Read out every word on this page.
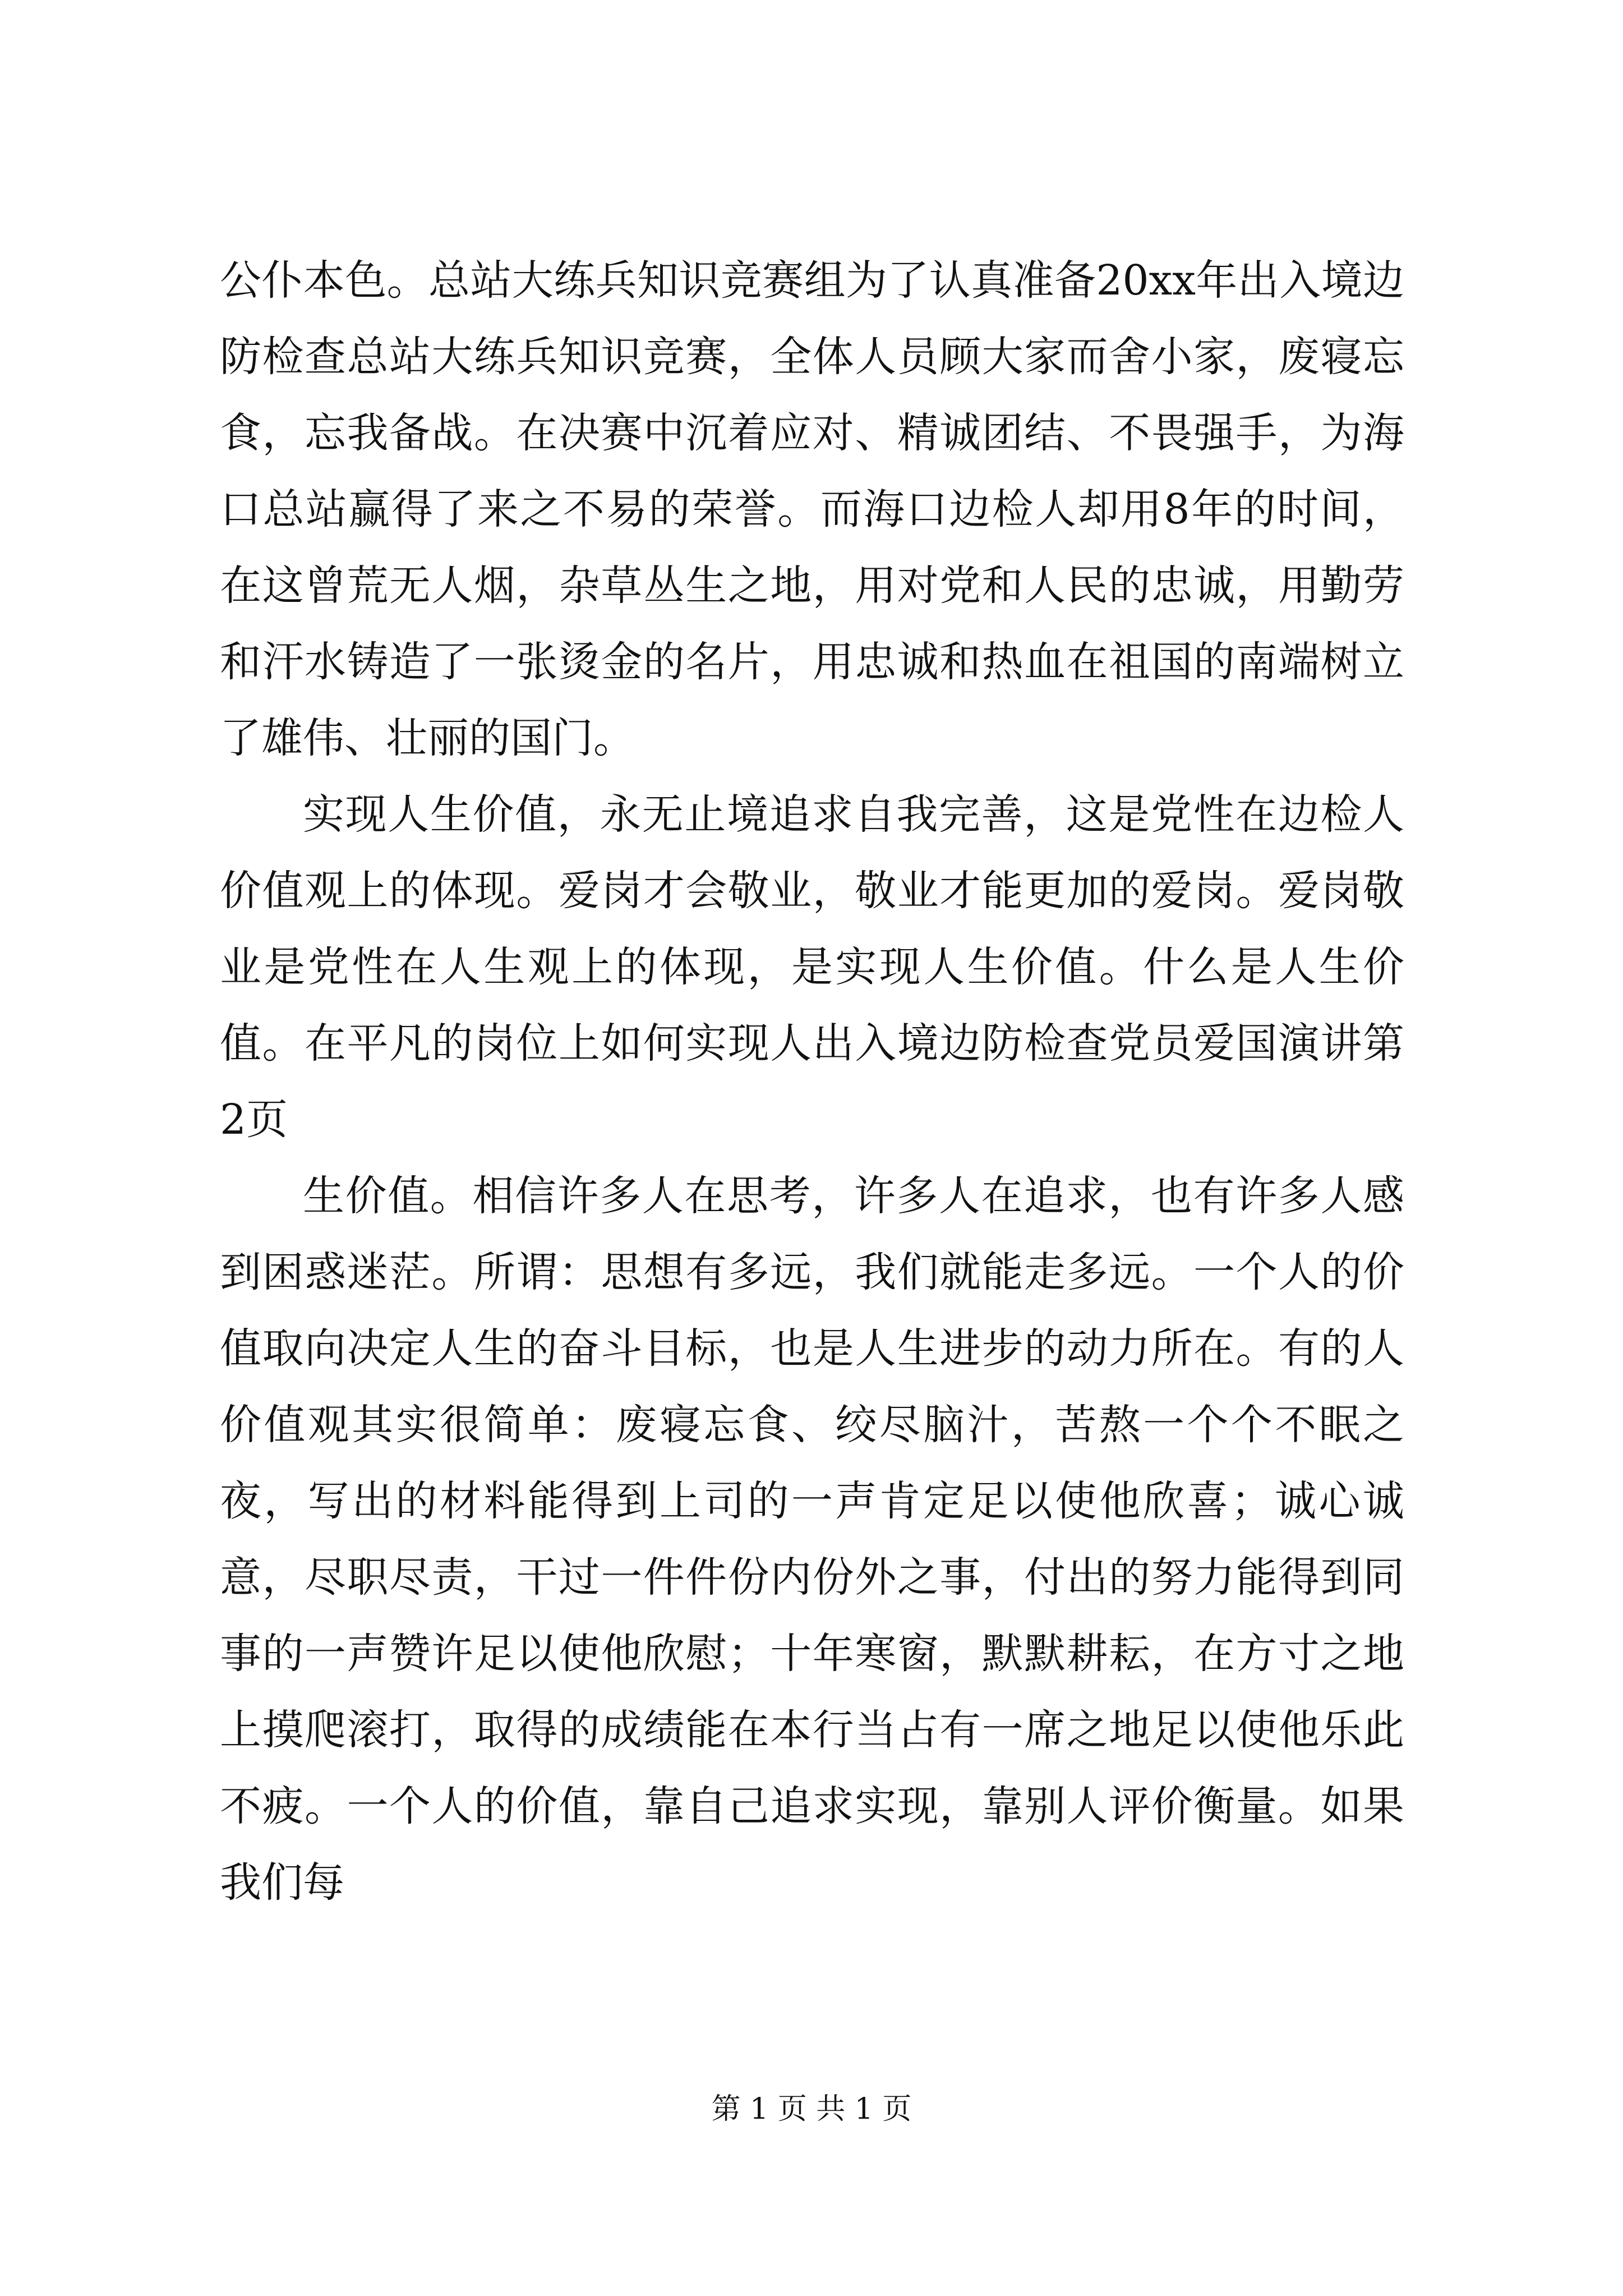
公仆本色。总站大练兵知识竞赛组为了认真准备20xx年出入境边防检查总站大练兵知识竞赛，全体人员顾大家而舍小家，废寝忘食，忘我备战。在决赛中沉着应对、精诚团结、不畏强手，为海口总站赢得了来之不易的荣誉。而海口边检人却用8年的时间，在这曾荒无人烟，杂草丛生之地，用对党和人民的忠诚，用勤劳和汗水铸造了一张烫金的名片，用忠诚和热血在祖国的南端树立了雄伟、壮丽的国门。

实现人生价值，永无止境追求自我完善，这是党性在边检人价值观上的体现。爱岗才会敬业，敬业才能更加的爱岗。爱岗敬业是党性在人生观上的体现，是实现人生价值。什么是人生价值。在平凡的岗位上如何实现人出入境边防检查党员爱国演讲第2页

生价值。相信许多人在思考，许多人在追求，也有许多人感到困惑迷茫。所谓：思想有多远，我们就能走多远。一个人的价值取向决定人生的奋斗目标，也是人生进步的动力所在。有的人价值观其实很简单：废寝忘食、绞尽脑汁，苦熬一个个不眠之夜，写出的材料能得到上司的一声肯定足以使他欣喜；诚心诚意，尽职尽责，干过一件件份内份外之事，付出的努力能得到同事的一声赞许足以使他欣慰；十年寒窗，默默耕耘，在方寸之地上摸爬滚打，取得的成绩能在本行当占有一席之地足以使他乐此不疲。一个人的价值，靠自己追求实现，靠别人评价衡量。如果我们每

第 1 页 共 1 页
